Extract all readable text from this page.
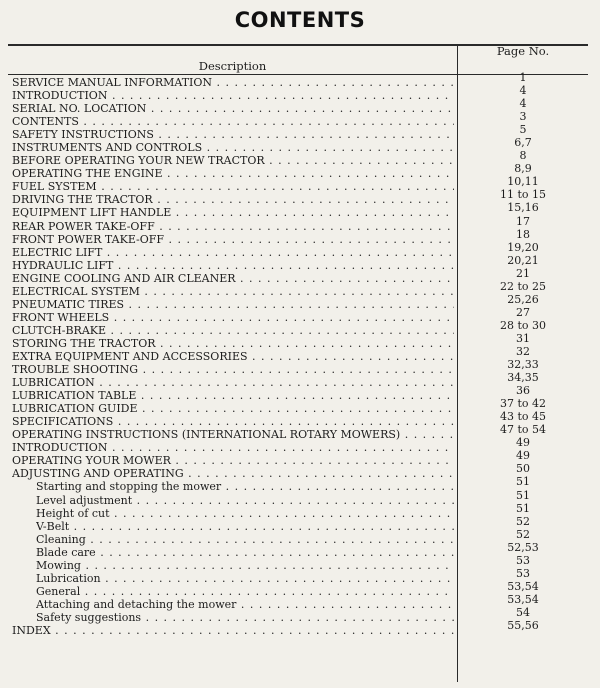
CONTENTS
Description
Page No.
SERVICE MANUAL INFORMATION . . .	1
INTRODUCTION . . .	4
SERIAL NO. LOCATION . . .	4
CONTENTS . . .	3
SAFETY INSTRUCTIONS . . .	5
INSTRUMENTS AND CONTROLS . . .	6,7
BEFORE OPERATING YOUR NEW TRACTOR . . .	8
OPERATING THE ENGINE . . .	8,9
FUEL SYSTEM . . .	10,11
DRIVING THE TRACTOR . . .	11 to 15
EQUIPMENT LIFT HANDLE . . .	15,16
REAR POWER TAKE-OFF . . .	17
FRONT POWER TAKE-OFF . . .	18
ELECTRIC LIFT . . .	19,20
HYDRAULIC LIFT . . .	20,21
ENGINE COOLING AND AIR CLEANER . . .	21
ELECTRICAL SYSTEM . . .	22 to 25
PNEUMATIC TIRES . . .	25,26
FRONT WHEELS . . .	27
CLUTCH-BRAKE . . .	28 to 30
STORING THE TRACTOR . . .	31
EXTRA EQUIPMENT AND ACCESSORIES . . .	32
TROUBLE SHOOTING . . .	32,33
LUBRICATION . . .	34,35
LUBRICATION TABLE . . .	36
LUBRICATION GUIDE . . .	37 to 42
SPECIFICATIONS . . .	43 to 45
OPERATING INSTRUCTIONS (INTERNATIONAL ROTARY MOWERS) . . .	47 to 54
INTRODUCTION . . .	49
OPERATING YOUR MOWER . . .	49
ADJUSTING AND OPERATING . . .	50
Starting and stopping the mower . . .	51
Level adjustment . . .	51
Height of cut . . .	51
V-Belt . . .	52
Cleaning . . .	52
Blade care . . .	52,53
Mowing . . .	53
Lubrication . . .	53
General . . .	53,54
Attaching and detaching the mower . . .	53,54
Safety suggestions . . .	54
INDEX . . .	55,56
